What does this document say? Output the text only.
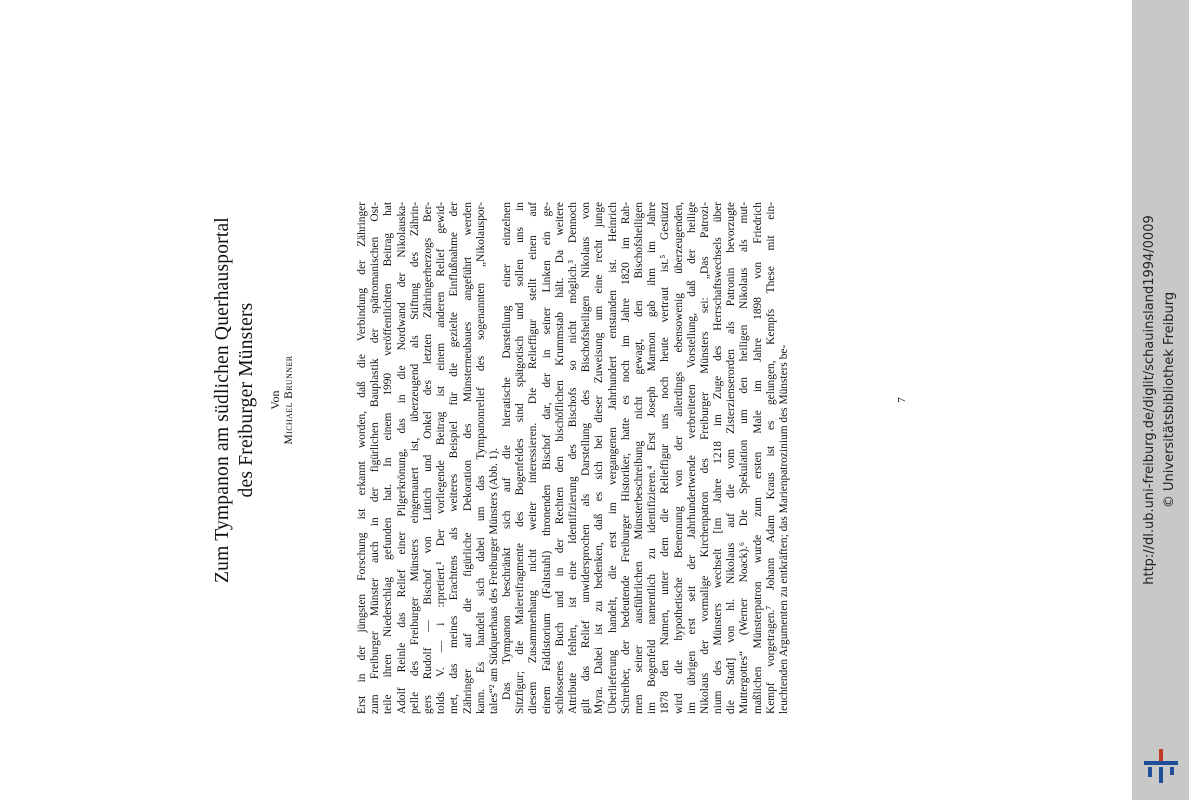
Zum Tympanon am südlichen Querhausportal des Freiburger Münsters Von Michael Brunner	Erst in der jüngsten Forschung ist erkannt worden, daß die Verbindung der Zähringer zum Freiburger Münster auch in der figürlichen Bauplastik der spätromanischen Ost- teile ihren Niederschlag gefunden hat. In einem 1990 veröffentlichten Beitrag hat Adolf Reinle das Relief einer Pilgerkrönung, das in die Nordwand der Nikolauska- pelle des Freiburger Münsters eingemauert ist, überzeugend als Stiftung des Zährin- gers Rudolf — Bischof von Lüttich und Onkel des letzten Zähringerherzogs Ber- tolds V. — i :rpretiert.¹ Der vorliegende Beitrag ist einem anderen Relief gewid- met, das meines Erachtens als weiteres Beispiel für die gezielte Einflußnahme der Zähringer auf die figürliche Dekoration des Münsterneubaues angeführt werden kann. Es handelt sich dabei um das Tympanonrelief des sogenannten „Nikolauspor- tales“² am Südquerhaus des Freiburger Münsters (Abb. 1). Das Tympanon beschränkt sich auf die hieratische Darstellung einer einzelnen Sitzfigur; die Malereifragmente des Bogenfeldes sind spätgotisch und sollen uns in diesem Zusammenhang nicht weiter interessieren. Die Relieffigur stellt einen auf einem Faldistorium (Faltstuhl) thronenden Bischof dar, der in seiner Linken ein ge- schlossenes Buch und in der Rechten den bischöflichen Krummstab hält. Da weitere Attribute fehlen, ist eine Identifizierung des Bischofs so nicht möglich.³ Dennoch gilt das Relief unwidersprochen als Darstellung des Bischofsheiligen Nikolaus von Myra. Dabei ist zu bedenken, daß es sich bei dieser Zuweisung um eine recht junge Überlieferung handelt, die erst im vergangenen Jahrhundert entstanden ist. Heinrich Schreiber, der bedeutende Freiburger Historiker, hatte es noch im Jahre 1820 im Rah- men seiner ausführlichen Münsterbeschreibung nicht gewagt, den Bischofsheiligen im Bogenfeld namentlich zu identifizieren.⁴ Erst Joseph Marmon gab ihm im Jahre 1878 den Namen, unter dem die Relieffigur uns noch heute vertraut ist.⁵ Gestützt wird die hypothetische Benennung von der allerdings ebensowenig überzeugenden, im übrigen erst seit der Jahrhundertwende verbreiteten Vorstellung, daß der heilige Nikolaus der vormalige Kirchenpatron des Freiburger Münsters sei: „Das Patrozi- nium des Münsters wechselt [im Jahre 1218 im Zuge des Herrschaftswechsels über die Stadt] von hl. Nikolaus auf die vom Zisterzienserorden als Patronin bevorzugte Muttergottes“ (Werner Noack).⁶ Die Spekulation um den heiligen Nikolaus als mut- maßlichen Münsterpatron wurde zum ersten Male im Jahre 1898 von Friedrich Kempf vorgetragen.⁷ Johann Adam Kraus ist es gelungen, Kempfs These mit ein- leuchtenden Argumenten zu entkräften; das Marienpatrozinium des Münsters be-	7	http://dl.ub.uni-freiburg.de/diglit/schauinsland1994/0009 © Universitätsbibliothek Freiburg
